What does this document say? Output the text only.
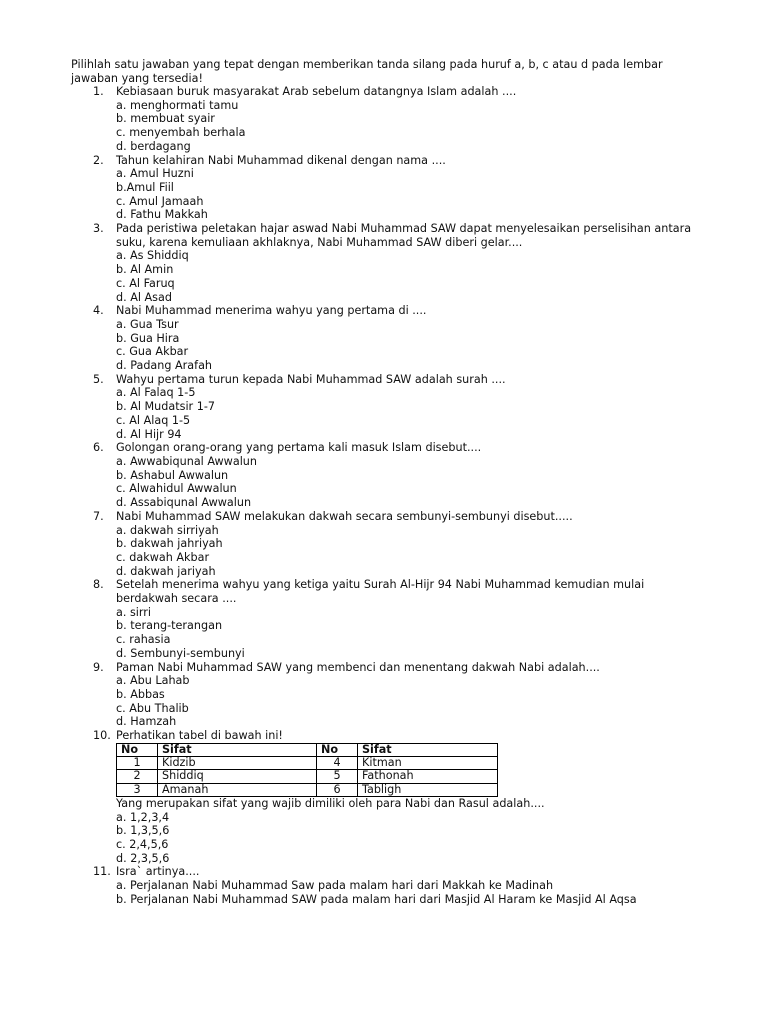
Pilihlah satu jawaban yang tepat dengan memberikan tanda silang pada huruf a, b, c atau d pada lembar jawaban yang tersedia!
1.	Kebiasaan buruk masyarakat Arab sebelum datangnya Islam adalah ....
a. menghormati tamu
b. membuat syair
c. menyembah berhala
d. berdagang
2.	Tahun kelahiran Nabi Muhammad dikenal dengan nama ....
a. Amul Huzni
b.Amul Fiil
c. Amul Jamaah
d. Fathu Makkah
3.	Pada peristiwa peletakan hajar aswad Nabi Muhammad SAW dapat menyelesaikan perselisihan antara suku, karena kemuliaan akhlaknya, Nabi Muhammad SAW diberi gelar....
a. As Shiddiq
b. Al Amin
c. Al Faruq
d. Al Asad
4.	Nabi Muhammad menerima wahyu yang pertama di ....
a. Gua Tsur
b. Gua Hira
c. Gua Akbar
d. Padang Arafah
5.	Wahyu pertama turun kepada Nabi Muhammad SAW adalah surah ....
a. Al Falaq 1-5
b. Al Mudatsir 1-7
c. Al Alaq 1-5
d. Al Hijr 94
6.	Golongan orang-orang yang pertama kali masuk Islam disebut....
a. Awwabiqunal Awwalun
b. Ashabul Awwalun
c. Alwahidul Awwalun
d. Assabiqunal Awwalun
7.	Nabi Muhammad SAW melakukan dakwah secara sembunyi-sembunyi disebut.....
a. dakwah sirriyah
b. dakwah jahriyah
c. dakwah Akbar
d. dakwah jariyah
8.	Setelah menerima wahyu yang ketiga yaitu Surah Al-Hijr 94 Nabi Muhammad kemudian mulai berdakwah secara ....
a. sirri
b. terang-terangan
c. rahasia
d. Sembunyi-sembunyi
9.	Paman Nabi Muhammad SAW yang membenci dan menentang dakwah Nabi adalah....
a. Abu Lahab
b. Abbas
c. Abu Thalib
d. Hamzah
10. Perhatikan tabel di bawah ini!
No	Sifat	No	Sifat
1	Kidzib	4	Kitman
2	Shiddiq	5	Fathonah
3	Amanah	6	Tabligh
Yang merupakan sifat yang wajib dimiliki oleh para Nabi dan Rasul adalah....
a. 1,2,3,4
b. 1,3,5,6
c. 2,4,5,6
d. 2,3,5,6
11. Isra` artinya....
a. Perjalanan Nabi Muhammad Saw pada malam hari dari Makkah ke Madinah
b. Perjalanan Nabi Muhammad SAW pada malam hari dari Masjid Al Haram ke Masjid Al Aqsa
